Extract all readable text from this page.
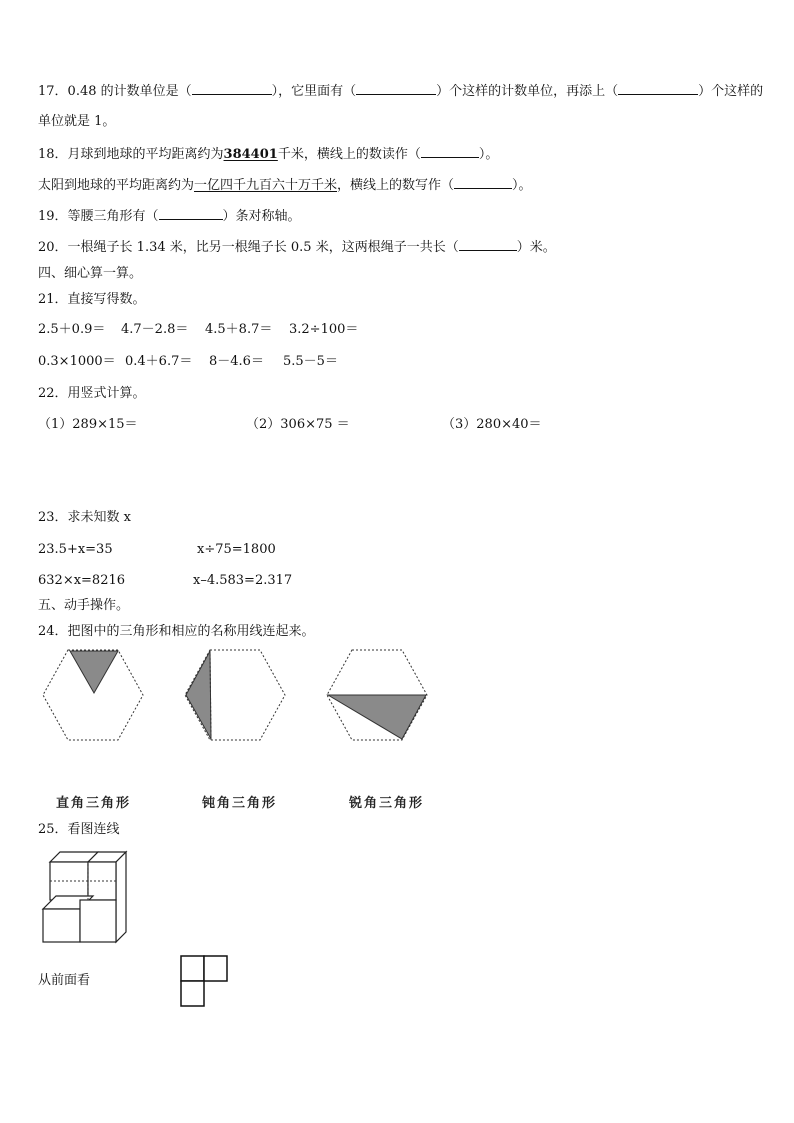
17．0.48 的计数单位是（	），它里面有（	）个这样的计数单位，再添上（	）个这样的
单位就是 1。
18．月球到地球的平均距离约为384401千米，横线上的数读作（	）。
太阳到地球的平均距离约为一亿四千九百六十万千米，横线上的数写作（	）。
19．等腰三角形有（	）条对称轴。
20．一根绳子长 1.34 米，比另一根绳子长 0.5 米，这两根绳子一共长（	）米。
四、细心算一算。
21．直接写得数。
2.5＋0.9＝ 4.7－2.8＝ 4.5＋8.7＝ 3.2÷100＝
0.3×1000＝ 0.4＋6.7＝ 8－4.6＝ 5.5－5＝
22．用竖式计算。
（1）289×15＝	（2）306×75 ＝	（3）280×40＝
23．求未知数 x
23.5+x=35	x÷75=1800
632×x=8216	x–4.583=2.317
五、动手操作。
24．把图中的三角形和相应的名称用线连起来。
直角三角形	钝角三角形	锐角三角形
25．看图连线
从前面看
